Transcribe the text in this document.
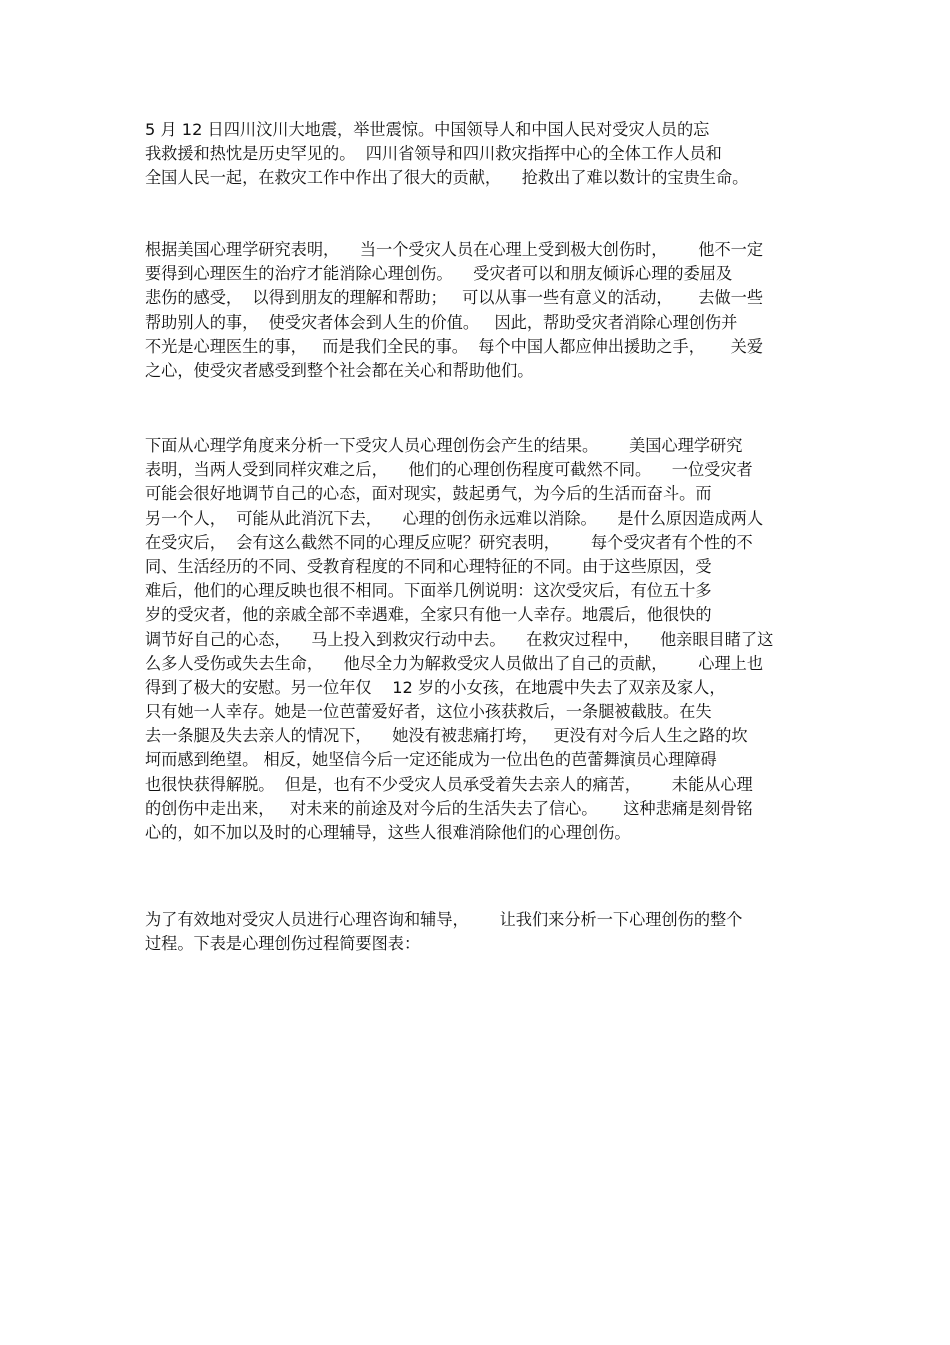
5 月 12 日四川汶川大地震，举世震惊。中国领导人和中国人民对受灾人员的忘
我救援和热忱是历史罕见的。  四川省领导和四川救灾指挥中心的全体工作人员和
全国人民一起，在救灾工作中作出了很大的贡献，    抢救出了难以数计的宝贵生命。
根据美国心理学研究表明，    当一个受灾人员在心理上受到极大创伤时，      他不一定
要得到心理医生的治疗才能消除心理创伤。    受灾者可以和朋友倾诉心理的委屈及
悲伤的感受，  以得到朋友的理解和帮助；   可以从事一些有意义的活动，     去做一些
帮助别人的事，  使受灾者体会到人生的价值。   因此，帮助受灾者消除心理创伤并
不光是心理医生的事，   而是我们全民的事。  每个中国人都应伸出援助之手，     关爱
之心，使受灾者感受到整个社会都在关心和帮助他们。
下面从心理学角度来分析一下受灾人员心理创伤会产生的结果。      美国心理学研究
表明，当两人受到同样灾难之后，    他们的心理创伤程度可截然不同。    一位受灾者
可能会很好地调节自己的心态，面对现实，鼓起勇气，为今后的生活而奋斗。而
另一个人，  可能从此消沉下去，    心理的创伤永远难以消除。    是什么原因造成两人
在受灾后，  会有这么截然不同的心理反应呢？研究表明，      每个受灾者有个性的不
同、生活经历的不同、受教育程度的不同和心理特征的不同。由于这些原因，受
难后，他们的心理反映也很不相同。下面举几例说明：这次受灾后，有位五十多
岁的受灾者，他的亲戚全部不幸遇难，全家只有他一人幸存。地震后，他很快的
调节好自己的心态，    马上投入到救灾行动中去。    在救灾过程中，    他亲眼目睹了这
么多人受伤或失去生命，    他尽全力为解救受灾人员做出了自己的贡献，      心理上也
得到了极大的安慰。另一位年仅    12 岁的小女孩，在地震中失去了双亲及家人，
只有她一人幸存。她是一位芭蕾爱好者，这位小孩获救后，一条腿被截肢。在失
去一条腿及失去亲人的情况下，    她没有被悲痛打垮，   更没有对今后人生之路的坎
坷而感到绝望。 相反，她坚信今后一定还能成为一位出色的芭蕾舞演员心理障碍
也很快获得解脱。  但是，也有不少受灾人员承受着失去亲人的痛苦，      未能从心理
的创伤中走出来，   对未来的前途及对今后的生活失去了信心。     这种悲痛是刻骨铭
心的，如不加以及时的心理辅导，这些人很难消除他们的心理创伤。
为了有效地对受灾人员进行心理咨询和辅导，      让我们来分析一下心理创伤的整个
过程。下表是心理创伤过程简要图表：
